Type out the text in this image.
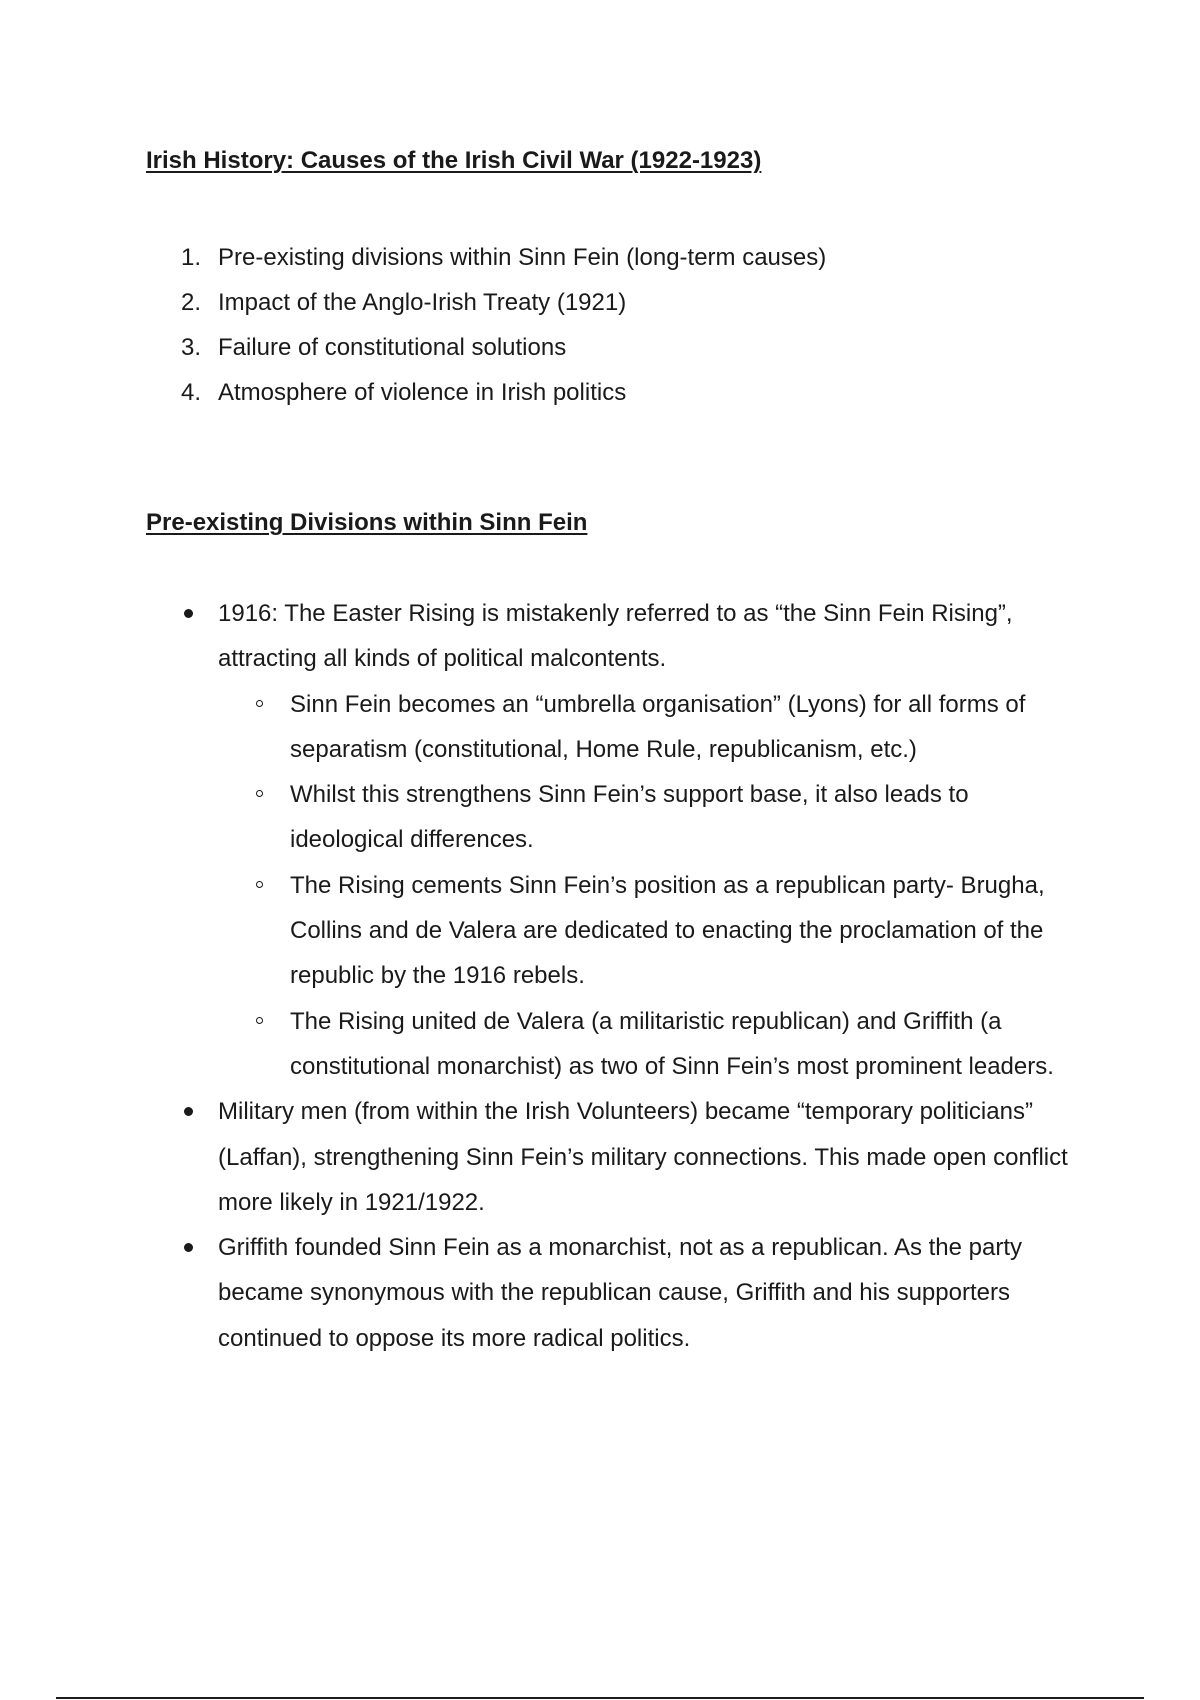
Irish History: Causes of the Irish Civil War (1922-1923)
1. Pre-existing divisions within Sinn Fein (long-term causes)
2. Impact of the Anglo-Irish Treaty (1921)
3. Failure of constitutional solutions
4. Atmosphere of violence in Irish politics
Pre-existing Divisions within Sinn Fein
1916: The Easter Rising is mistakenly referred to as “the Sinn Fein Rising”, attracting all kinds of political malcontents.
Sinn Fein becomes an “umbrella organisation” (Lyons) for all forms of separatism (constitutional, Home Rule, republicanism, etc.)
Whilst this strengthens Sinn Fein’s support base, it also leads to ideological differences.
The Rising cements Sinn Fein’s position as a republican party- Brugha, Collins and de Valera are dedicated to enacting the proclamation of the republic by the 1916 rebels.
The Rising united de Valera (a militaristic republican) and Griffith (a constitutional monarchist) as two of Sinn Fein’s most prominent leaders.
Military men (from within the Irish Volunteers) became “temporary politicians” (Laffan), strengthening Sinn Fein’s military connections. This made open conflict more likely in 1921/1922.
Griffith founded Sinn Fein as a monarchist, not as a republican. As the party became synonymous with the republican cause, Griffith and his supporters continued to oppose its more radical politics.
